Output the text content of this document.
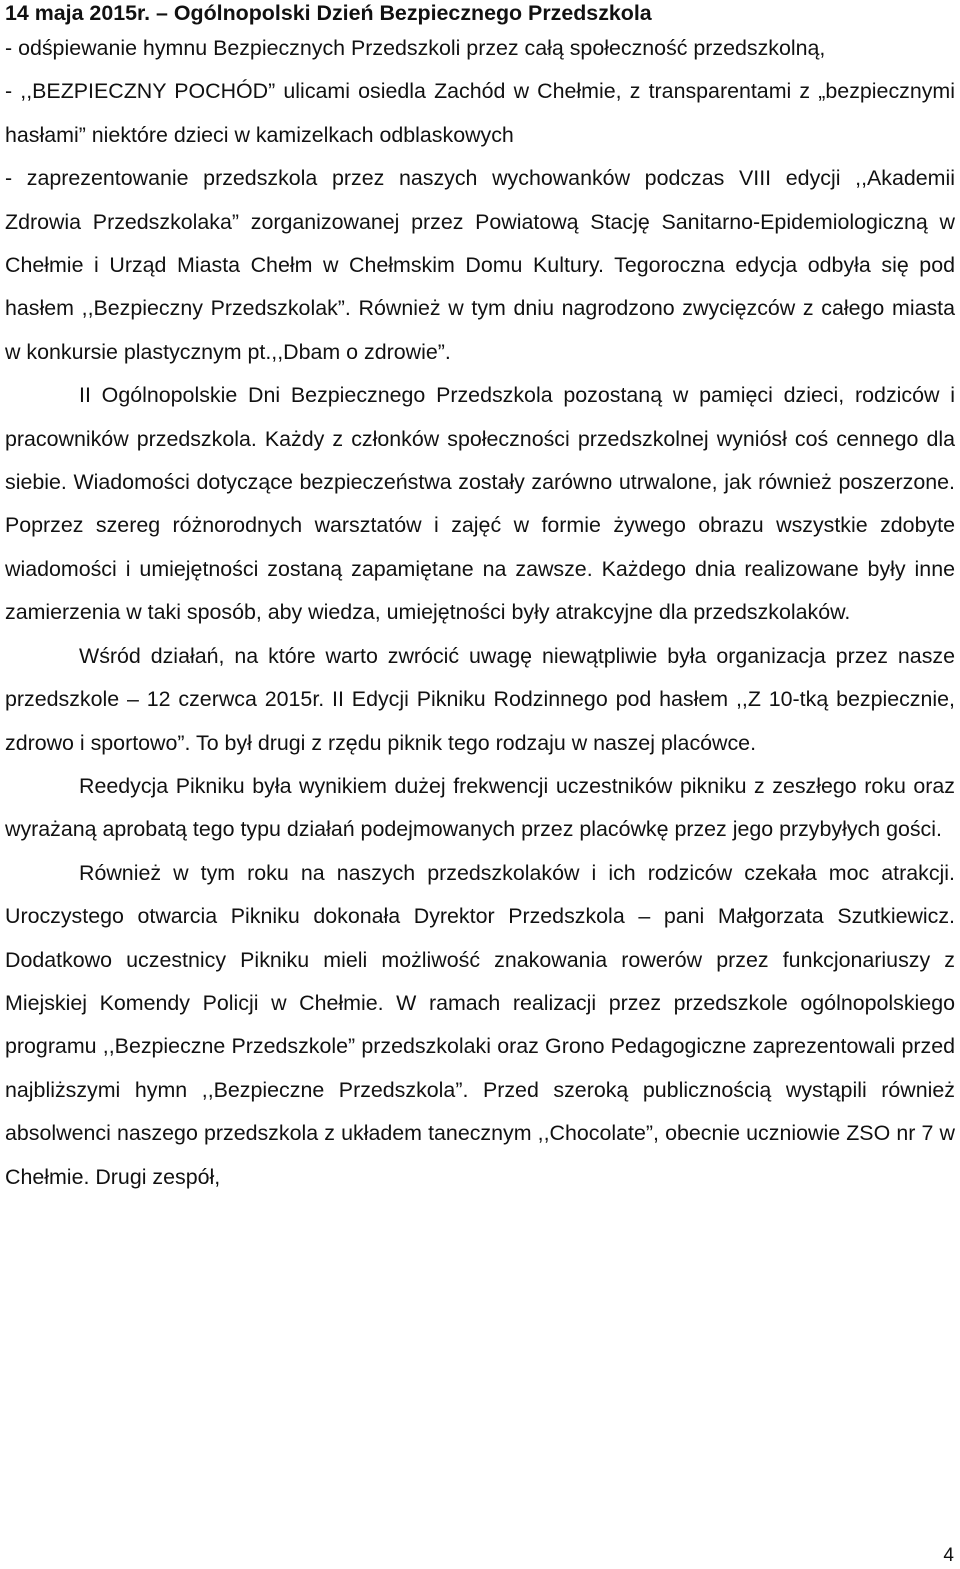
14 maja 2015r. – Ogólnopolski Dzień Bezpiecznego Przedszkola

- odśpiewanie hymnu Bezpiecznych Przedszkoli przez całą społeczność przedszkolną,

- ,,BEZPIECZNY POCHÓD” ulicami osiedla Zachód w Chełmie, z transparentami z „bezpiecznymi hasłami” niektóre dzieci w kamizelkach odblaskowych

- zaprezentowanie przedszkola przez naszych wychowanków podczas VIII edycji ,,Akademii Zdrowia Przedszkolaka” zorganizowanej przez Powiatową Stację Sanitarno-Epidemiologiczną w Chełmie i Urząd Miasta Chełm w Chełmskim Domu Kultury. Tegoroczna edycja odbyła się pod hasłem ,,Bezpieczny Przedszkolak”. Również w tym dniu nagrodzono zwycięzców z całego miasta w konkursie plastycznym pt.,,Dbam o zdrowie”.

II Ogólnopolskie Dni Bezpiecznego Przedszkola pozostaną w pamięci dzieci, rodziców i pracowników przedszkola. Każdy z członków społeczności przedszkolnej wyniósł coś cennego dla siebie. Wiadomości dotyczące bezpieczeństwa zostały zarówno utrwalone, jak również poszerzone. Poprzez szereg różnorodnych warsztatów i zajęć w formie żywego obrazu wszystkie zdobyte wiadomości i umiejętności zostaną zapamiętane na zawsze. Każdego dnia realizowane były inne zamierzenia w taki sposób, aby wiedza, umiejętności były atrakcyjne dla przedszkolaków.

Wśród działań, na które warto zwrócić uwagę niewątpliwie była organizacja przez nasze przedszkole – 12 czerwca 2015r. II Edycji Pikniku Rodzinnego pod hasłem ,,Z 10-tką bezpiecznie, zdrowo i sportowo”. To był drugi z rzędu piknik tego rodzaju w naszej placówce.

Reedycja Pikniku była wynikiem dużej frekwencji uczestników pikniku z zeszłego roku oraz wyrażaną aprobatą tego typu działań podejmowanych przez placówkę przez jego przybyłych gości.

Również w tym roku na naszych przedszkolaków i ich rodziców czekała moc atrakcji. Uroczystego otwarcia Pikniku dokonała Dyrektor Przedszkola – pani Małgorzata Szutkiewicz. Dodatkowo uczestnicy Pikniku mieli możliwość znakowania rowerów przez funkcjonariuszy z Miejskiej Komendy Policji w Chełmie. W ramach realizacji przez przedszkole ogólnopolskiego programu ,,Bezpieczne Przedszkole” przedszkolaki oraz Grono Pedagogiczne zaprezentowali przed najbliższymi hymn ,,Bezpieczne Przedszkola”. Przed szeroką publicznością wystąpili również absolwenci naszego przedszkola z układem tanecznym ,,Chocolate”, obecnie uczniowie ZSO nr 7 w Chełmie. Drugi zespół,

4
